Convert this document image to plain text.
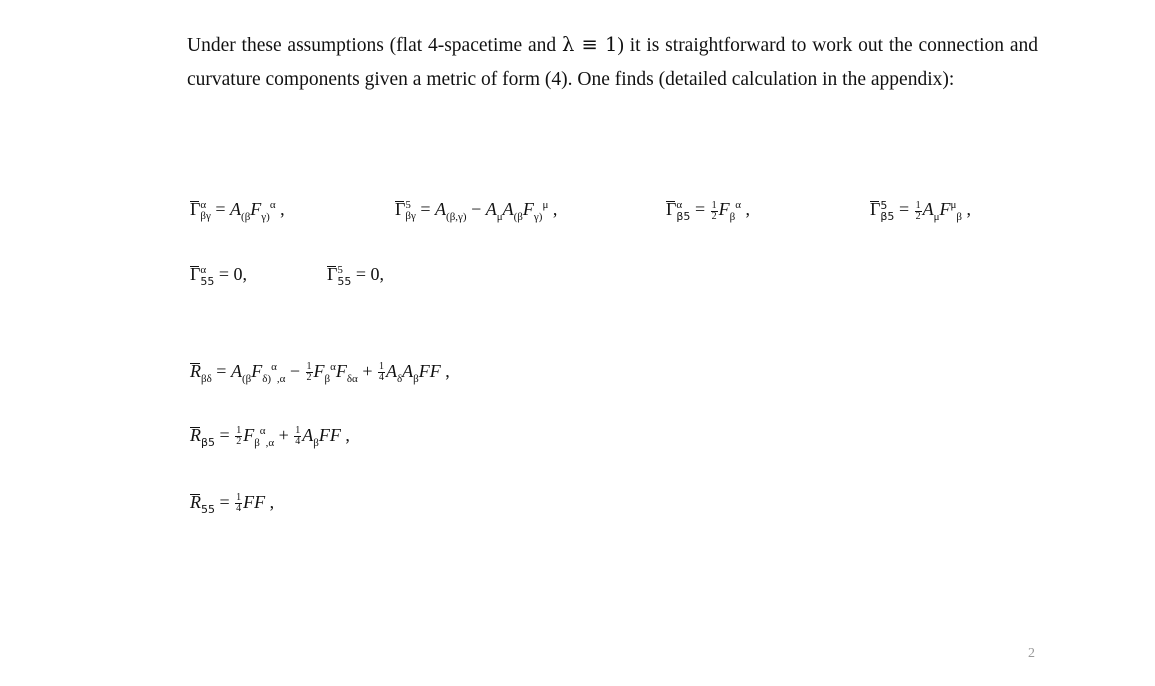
Under these assumptions (flat 4-spacetime and λ ≡ 1) it is straightforward to work out the connection and curvature components given a metric of form (4). One finds (detailed calculation in the appendix):

Γ α
$\beta\gamma = A_{(\beta}F_{\gamma)}^\alpha$ ,	Γ 5
$\beta\gamma = A_{(\beta,\gamma)} - A_\mu A_{(\beta}F_{\gamma)}^\mu$ ,	Γ α
$\beta 5 = \frac{1}{2} F_\beta^\alpha$ ,	Γ 5
$\beta 5 = \frac{1}{2} A_\mu F^\mu_\beta$ ,
Γ α
55 = 0,	Γ 5
55 = 0,
$R_{\beta\delta} = A_{(\beta}F_{\delta)}^\alpha_{,\alpha} - \frac{1}{2} F_\beta^\alpha F_{\delta\alpha} + \frac{1}{4} A_\delta A_\beta FF$ ,
$R_{\beta 5} = \frac{1}{2} F_\beta^\alpha_{,\alpha} + \frac{1}{4} A_\beta FF$ ,
$R_{55} = \frac{1}{4}$ FF ,
2
